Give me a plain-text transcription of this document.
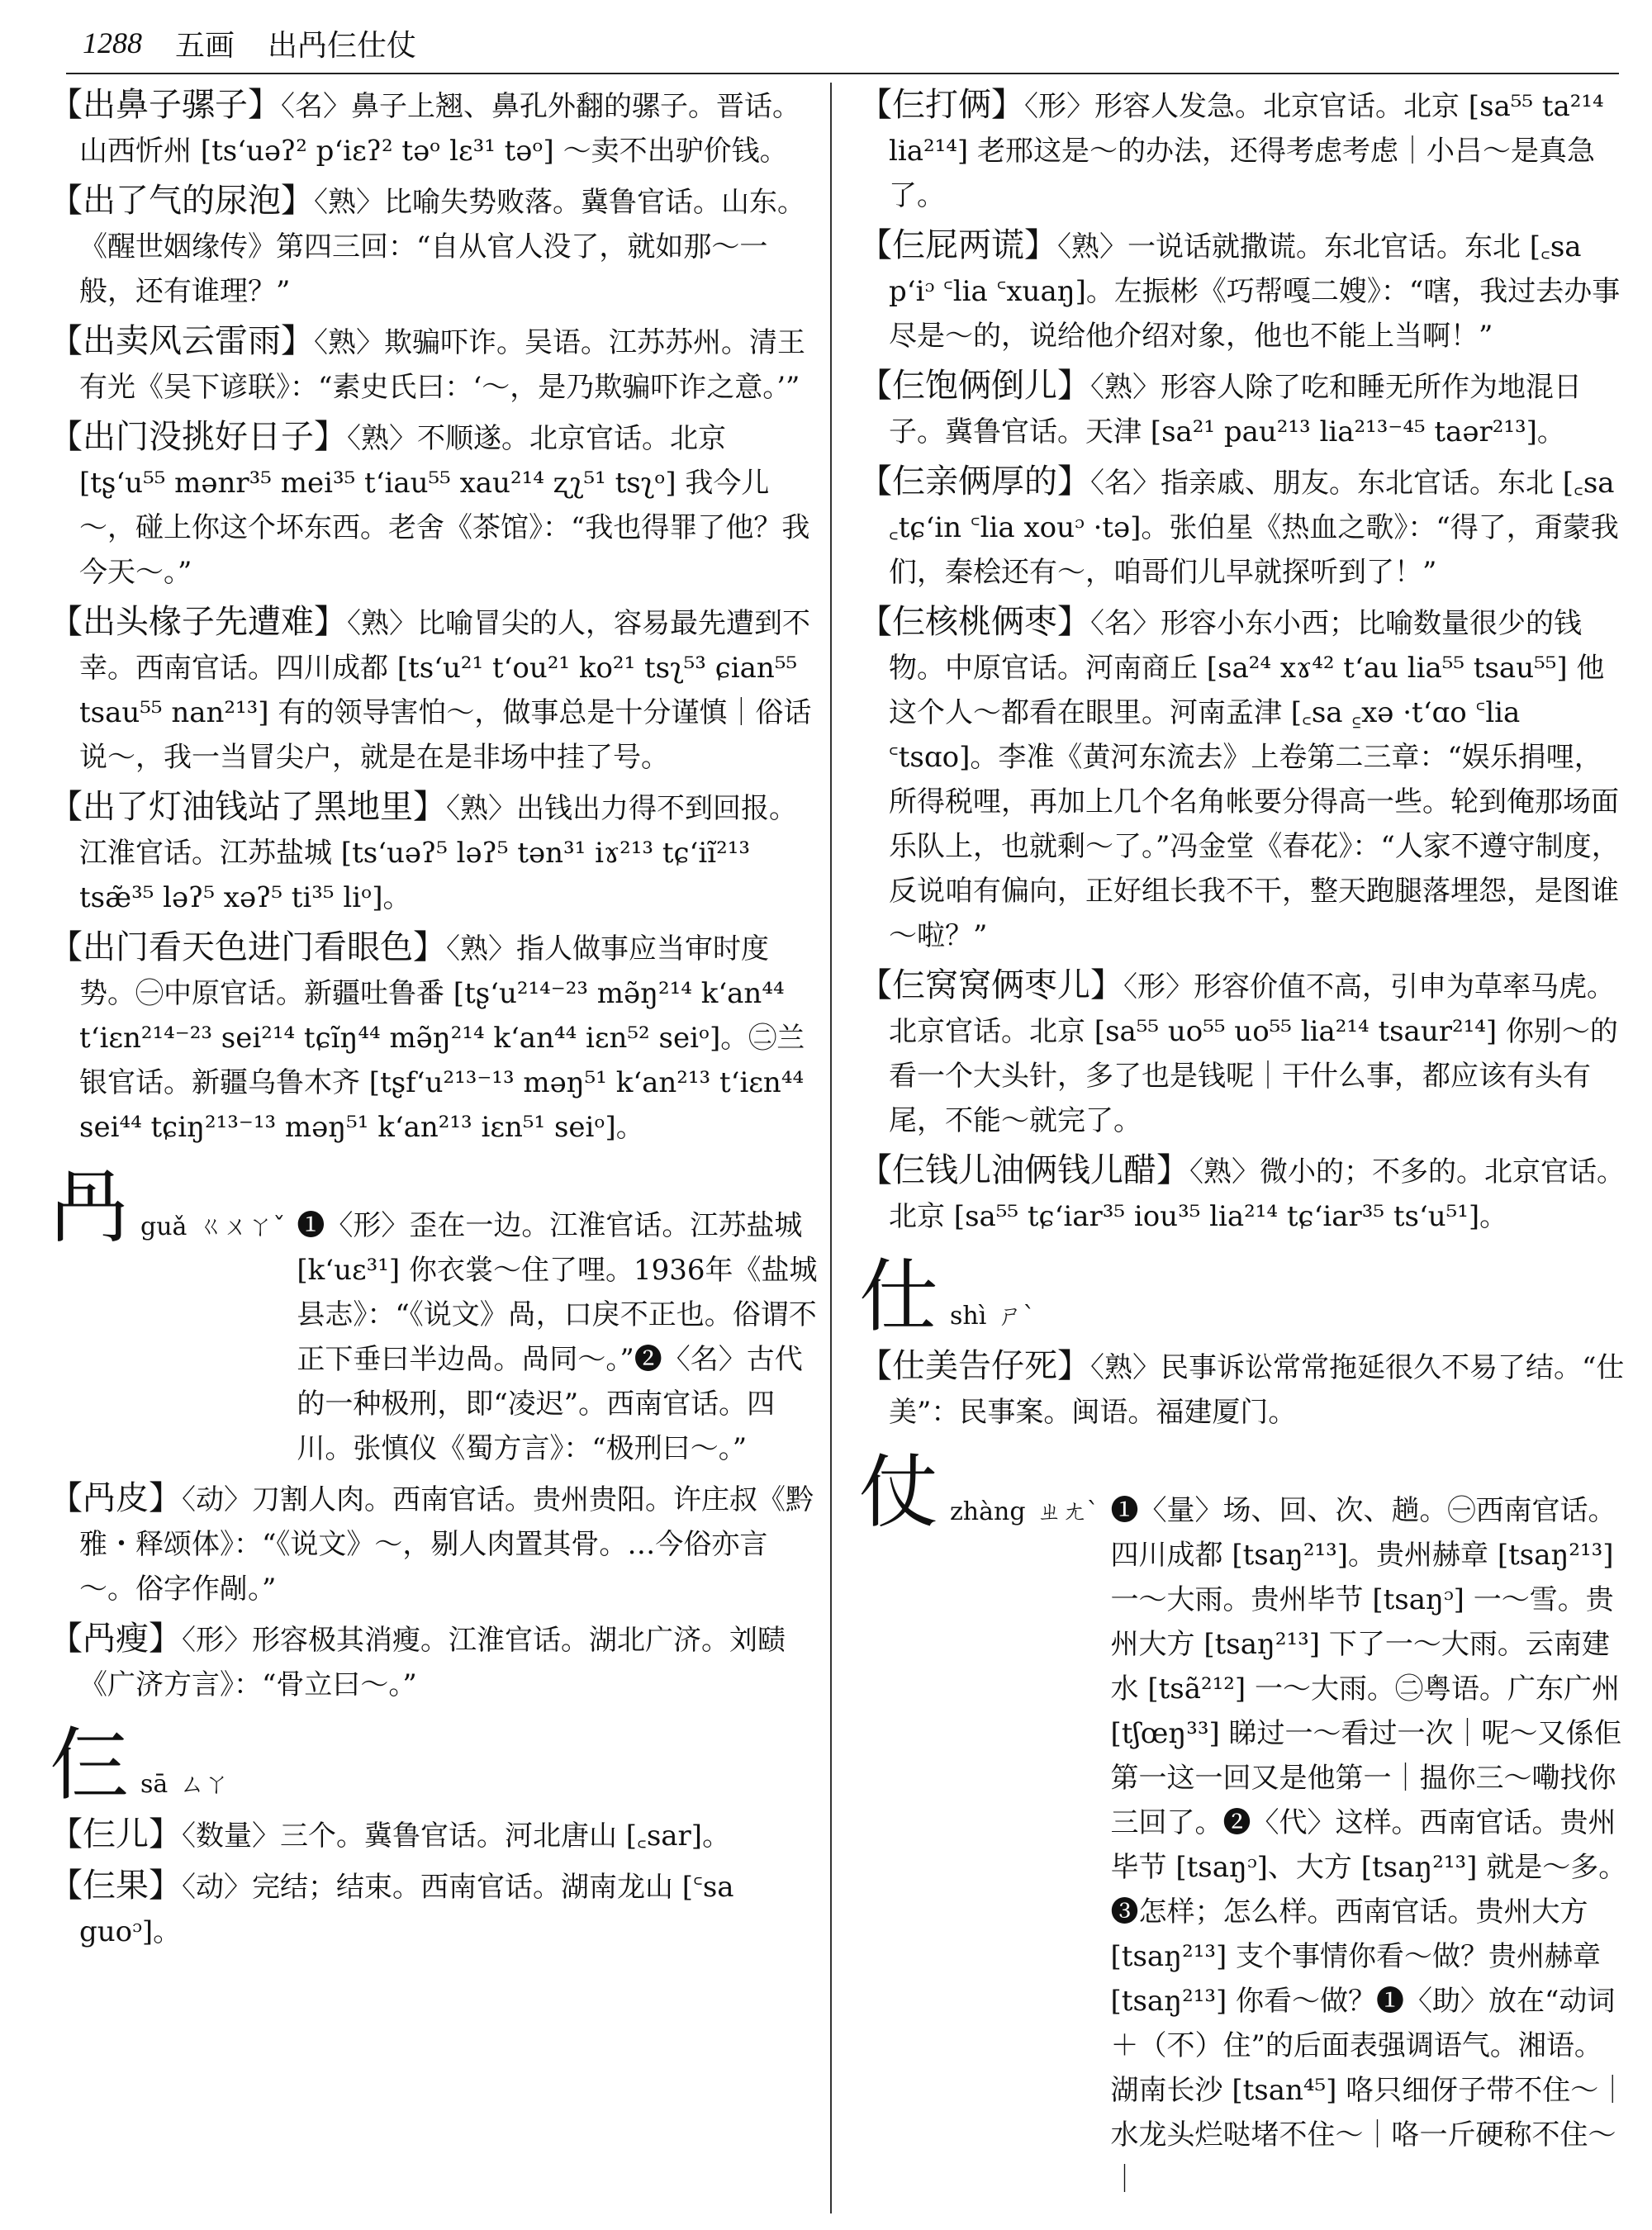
1288 五画 出冎仨仕仗
【出鼻子骡子】〈名〉鼻子上翘、鼻孔外翻的骡子。晋话。山西忻州 [tsʻuəʔ² pʻiɛʔ² təᵒ lɛ³¹ təᵒ] ～卖不出驴价钱。
【出了气的尿泡】〈熟〉比喻失势败落。冀鲁官话。山东。《醒世姻缘传》第四三回：“自从官人没了，就如那～一般，还有谁理？”
【出卖风云雷雨】〈熟〉欺骗吓诈。吴语。江苏苏州。清王有光《吴下谚联》：“素史氏曰：‘～，是乃欺骗吓诈之意。’”
【出门没挑好日子】〈熟〉不顺遂。北京官话。北京 [tʂʻu⁵⁵ mənr³⁵ mei³⁵ tʻiau⁵⁵ xau²¹⁴ ʐʅ⁵¹ tsʅᵒ] 我今儿～，碰上你这个坏东西。老舍《茶馆》：“我也得罪了他？我今天～。”
【出头椽子先遭难】〈熟〉比喻冒尖的人，容易最先遭到不幸。西南官话。四川成都 [tsʻu²¹ tʻou²¹ ko²¹ tsʅ⁵³ ɕian⁵⁵ tsau⁵⁵ nan²¹³] 有的领导害怕～，做事总是十分谨慎｜俗话说～，我一当冒尖户，就是在是非场中挂了号。
【出了灯油钱站了黑地里】〈熟〉出钱出力得不到回报。江淮官话。江苏盐城 [tsʻuəʔ⁵ ləʔ⁵ tən³¹ iɤ²¹³ tɕʻiĩ²¹³ tsæ̃³⁵ ləʔ⁵ xəʔ⁵ ti³⁵ liᵒ]。
【出门看天色进门看眼色】〈熟〉指人做事应当审时度势。㊀中原官话。新疆吐鲁番 [tʂʻu²¹⁴⁻²³ mə̃ŋ²¹⁴ kʻan⁴⁴ tʻiɛn²¹⁴⁻²³ sei²¹⁴ tɕĩŋ⁴⁴ mə̃ŋ²¹⁴ kʻan⁴⁴ iɛn⁵² seiᵒ]。㊁兰银官话。新疆乌鲁木齐 [tʂfʻu²¹³⁻¹³ məŋ⁵¹ kʻan²¹³ tʻiɛn⁴⁴ sei⁴⁴ tɕiŋ²¹³⁻¹³ məŋ⁵¹ kʻan²¹³ iɛn⁵¹ seiᵒ]。
冎 guǎ ㄍㄨㄚˇ ❶〈形〉歪在一边。江淮官话。江苏盐城 [kʻuɛ³¹] 你衣裳～住了哩。1936年《盐城县志》：“《说文》咼，口戾不正也。俗谓不正下垂曰半边咼。咼同～。”❷〈名〉古代的一种极刑，即“凌迟”。西南官话。四川。张慎仪《蜀方言》：“极刑曰～。”
【冎皮】〈动〉刀割人肉。西南官话。贵州贵阳。许庄叔《黔雅・释颂体》：“《说文》～，剔人肉置其骨。…今俗亦言～。俗字作剮。”
【冎瘦】〈形〉形容极其消瘦。江淮官话。湖北广济。刘赜《广济方言》：“骨立曰～。”
仨 sā ㄙㄚ
【仨儿】〈数量〉三个。冀鲁官话。河北唐山 [꜀sar]。
【仨果】〈动〉完结；结束。西南官话。湖南龙山 [꜂sa guoᵓ]。
【仨打俩】〈形〉形容人发急。北京官话。北京 [sa⁵⁵ ta²¹⁴ lia²¹⁴] 老邢这是～的办法，还得考虑考虑｜小吕～是真急了。
【仨屁两谎】〈熟〉一说话就撒谎。东北官话。东北 [꜀sa pʻiᵓ ꜂lia ꜂xuaŋ]。左振彬《巧帮嘎二嫂》：“嗐，我过去办事尽是～的，说给他介绍对象，他也不能上当啊！”
【仨饱俩倒儿】〈熟〉形容人除了吃和睡无所作为地混日子。冀鲁官话。天津 [sa²¹ pau²¹³ lia²¹³⁻⁴⁵ taər²¹³]。
【仨亲俩厚的】〈名〉指亲戚、朋友。东北官话。东北 [꜀sa ꜀tɕʻin ꜂lia xouᵓ ·tə]。张伯星《热血之歌》：“得了，甭蒙我们，秦桧还有～，咱哥们儿早就探听到了！”
【仨核桃俩枣】〈名〉形容小东小西；比喻数量很少的钱物。中原官话。河南商丘 [sa²⁴ xɤ⁴² tʻau lia⁵⁵ tsau⁵⁵] 他这个人～都看在眼里。河南孟津 [꜀sa ꜁xə ·tʻɑo ꜂lia ꜂tsɑo]。李准《黄河东流去》上卷第二三章：“娱乐捐哩，所得税哩，再加上几个名角帐要分得高一些。轮到俺那场面乐队上，也就剩～了。”冯金堂《春花》：“人家不遵守制度，反说咱有偏向，正好组长我不干，整天跑腿落埋怨，是图谁～啦？”
【仨窝窝俩枣儿】〈形〉形容价值不高，引申为草率马虎。北京官话。北京 [sa⁵⁵ uo⁵⁵ uo⁵⁵ lia²¹⁴ tsaur²¹⁴] 你别～的看一个大头针，多了也是钱呢｜干什么事，都应该有头有尾，不能～就完了。
【仨钱儿油俩钱儿醋】〈熟〉微小的；不多的。北京官话。北京 [sa⁵⁵ tɕʻiar³⁵ iou³⁵ lia²¹⁴ tɕʻiar³⁵ tsʻu⁵¹]。
仕 shì ㄕˋ
【仕美告仔死】〈熟〉民事诉讼常常拖延很久不易了结。“仕美”：民事案。闽语。福建厦门。
仗 zhàng ㄓㄤˋ ❶〈量〉场、回、次、趟。㊀西南官话。四川成都 [tsaŋ²¹³]。贵州赫章 [tsaŋ²¹³] 一～大雨。贵州毕节 [tsaŋᵓ] 一～雪。贵州大方 [tsaŋ²¹³] 下了一～大雨。云南建水 [tsã²¹²] 一～大雨。㊁粤语。广东广州 [tʃœŋ³³] 睇过一～看过一次｜呢～又係佢第一这一回又是他第一｜揾你三～嘞找你三回了。❷〈代〉这样。西南官话。贵州毕节 [tsaŋᵓ]、大方 [tsaŋ²¹³] 就是～多。❸怎样；怎么样。西南官话。贵州大方 [tsaŋ²¹³] 支个事情你看～做？贵州赫章 [tsaŋ²¹³] 你看～做？❶〈助〉放在“动词＋（不）住”的后面表强调语气。湘语。湖南长沙 [tsan⁴⁵] 咯只细伢子带不住～｜水龙头烂哒堵不住～｜咯一斤硬称不住～｜
